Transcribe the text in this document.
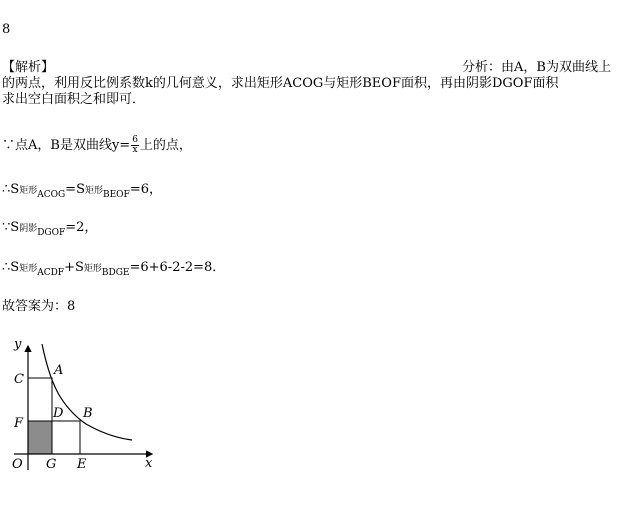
8
【解析】	分析：由A，B为双曲线上
的两点，利用反比例系数k的几何意义，求出矩形ACOG与矩形BEOF面积，再由阴影DGOF面积
求出空白面积之和即可．
∵点A，B是双曲线$y= \frac{6}{x}$ 上的点，
∴S矩形$_{ACOG}$=S矩形$_{BEOF}$=6，
∵S阴影$_{DGOF}$=2，
∴S矩形$_{ACDF}$+S矩形$_{BDGE}$=6+6-2-2=8．
故答案为：8
y
C
A
D B
F
O G E	x
